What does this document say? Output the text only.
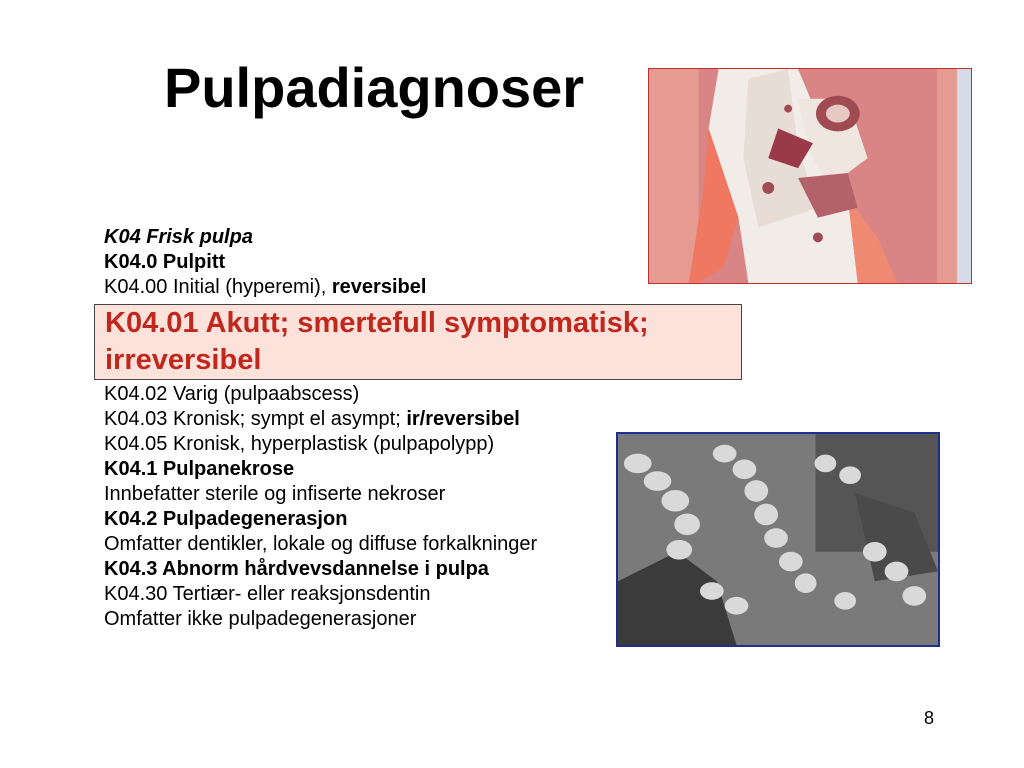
Pulpadiagnoser
K04 Frisk pulpa
K04.0 Pulpitt
K04.00 Initial (hyperemi), reversibel
K04.01 Akutt; smertefull symptomatisk;
irreversibel
K04.02 Varig (pulpaabscess)
K04.03 Kronisk; sympt el asympt; ir/reversibel
K04.05 Kronisk, hyperplastisk (pulpapolypp)
K04.1 Pulpanekrose
Innbefatter sterile og infiserte nekroser
K04.2 Pulpadegenerasjon
Omfatter dentikler, lokale og diffuse forkalkninger
K04.3 Abnorm hårdvevsdannelse i pulpa
K04.30 Tertiær- eller reaksjonsdentin
Omfatter ikke pulpadegenerasjoner
8
